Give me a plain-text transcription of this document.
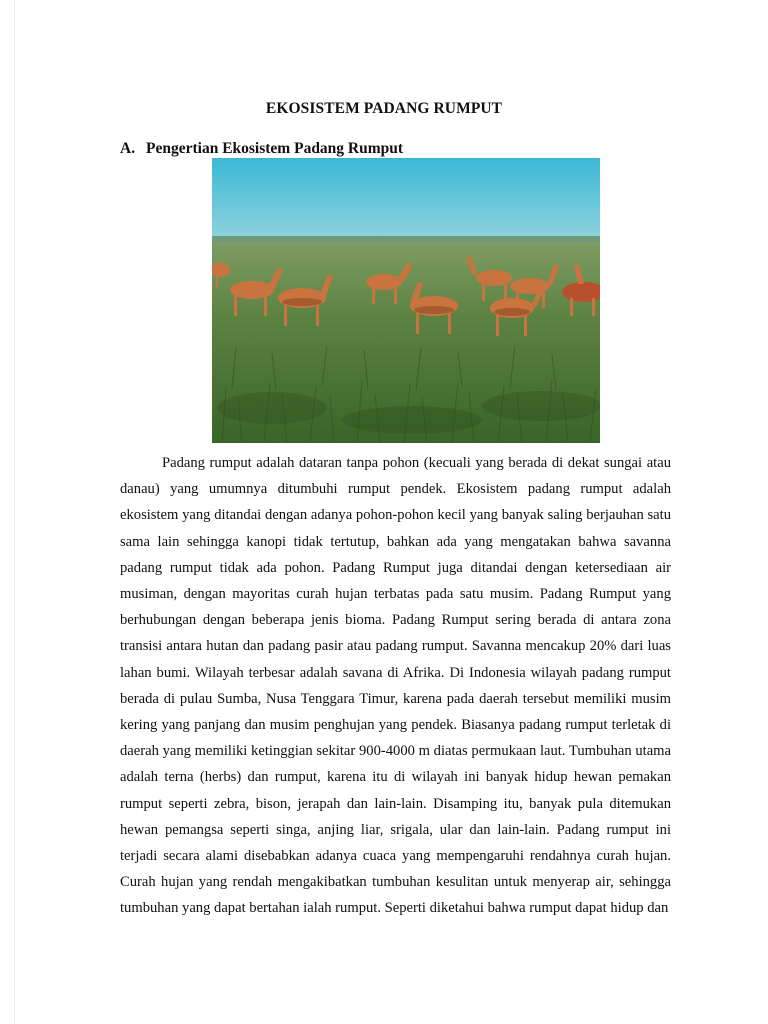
EKOSISTEM PADANG RUMPUT
A. Pengertian Ekosistem Padang Rumput

Padang rumput adalah dataran tanpa pohon (kecuali yang berada di dekat sungai atau danau) yang umumnya ditumbuhi rumput pendek. Ekosistem padang rumput adalah ekosistem yang ditandai dengan adanya pohon-pohon kecil yang banyak saling berjauhan satu sama lain sehingga kanopi tidak tertutup, bahkan ada yang mengatakan bahwa savanna padang rumput tidak ada pohon. Padang Rumput juga ditandai dengan ketersediaan air musiman, dengan mayoritas curah hujan terbatas pada satu musim. Padang Rumput yang berhubungan dengan beberapa jenis bioma. Padang Rumput sering berada di antara zona transisi antara hutan dan padang pasir atau padang rumput. Savanna mencakup 20% dari luas lahan bumi. Wilayah terbesar adalah savana di Afrika. Di Indonesia wilayah padang rumput berada di pulau Sumba, Nusa Tenggara Timur, karena pada daerah tersebut memiliki musim kering yang panjang dan musim penghujan yang pendek. Biasanya padang rumput terletak di daerah yang memiliki ketinggian sekitar 900-4000 m diatas permukaan laut. Tumbuhan utama adalah terna (herbs) dan rumput, karena itu di wilayah ini banyak hidup hewan pemakan rumput seperti zebra, bison, jerapah dan lain-lain. Disamping itu, banyak pula ditemukan hewan pemangsa seperti singa, anjing liar, srigala, ular dan lain-lain. Padang rumput ini terjadi secara alami disebabkan adanya cuaca yang mempengaruhi rendahnya curah hujan. Curah hujan yang rendah mengakibatkan tumbuhan kesulitan untuk menyerap air, sehingga tumbuhan yang dapat bertahan ialah rumput. Seperti diketahui bahwa rumput dapat hidup dan
